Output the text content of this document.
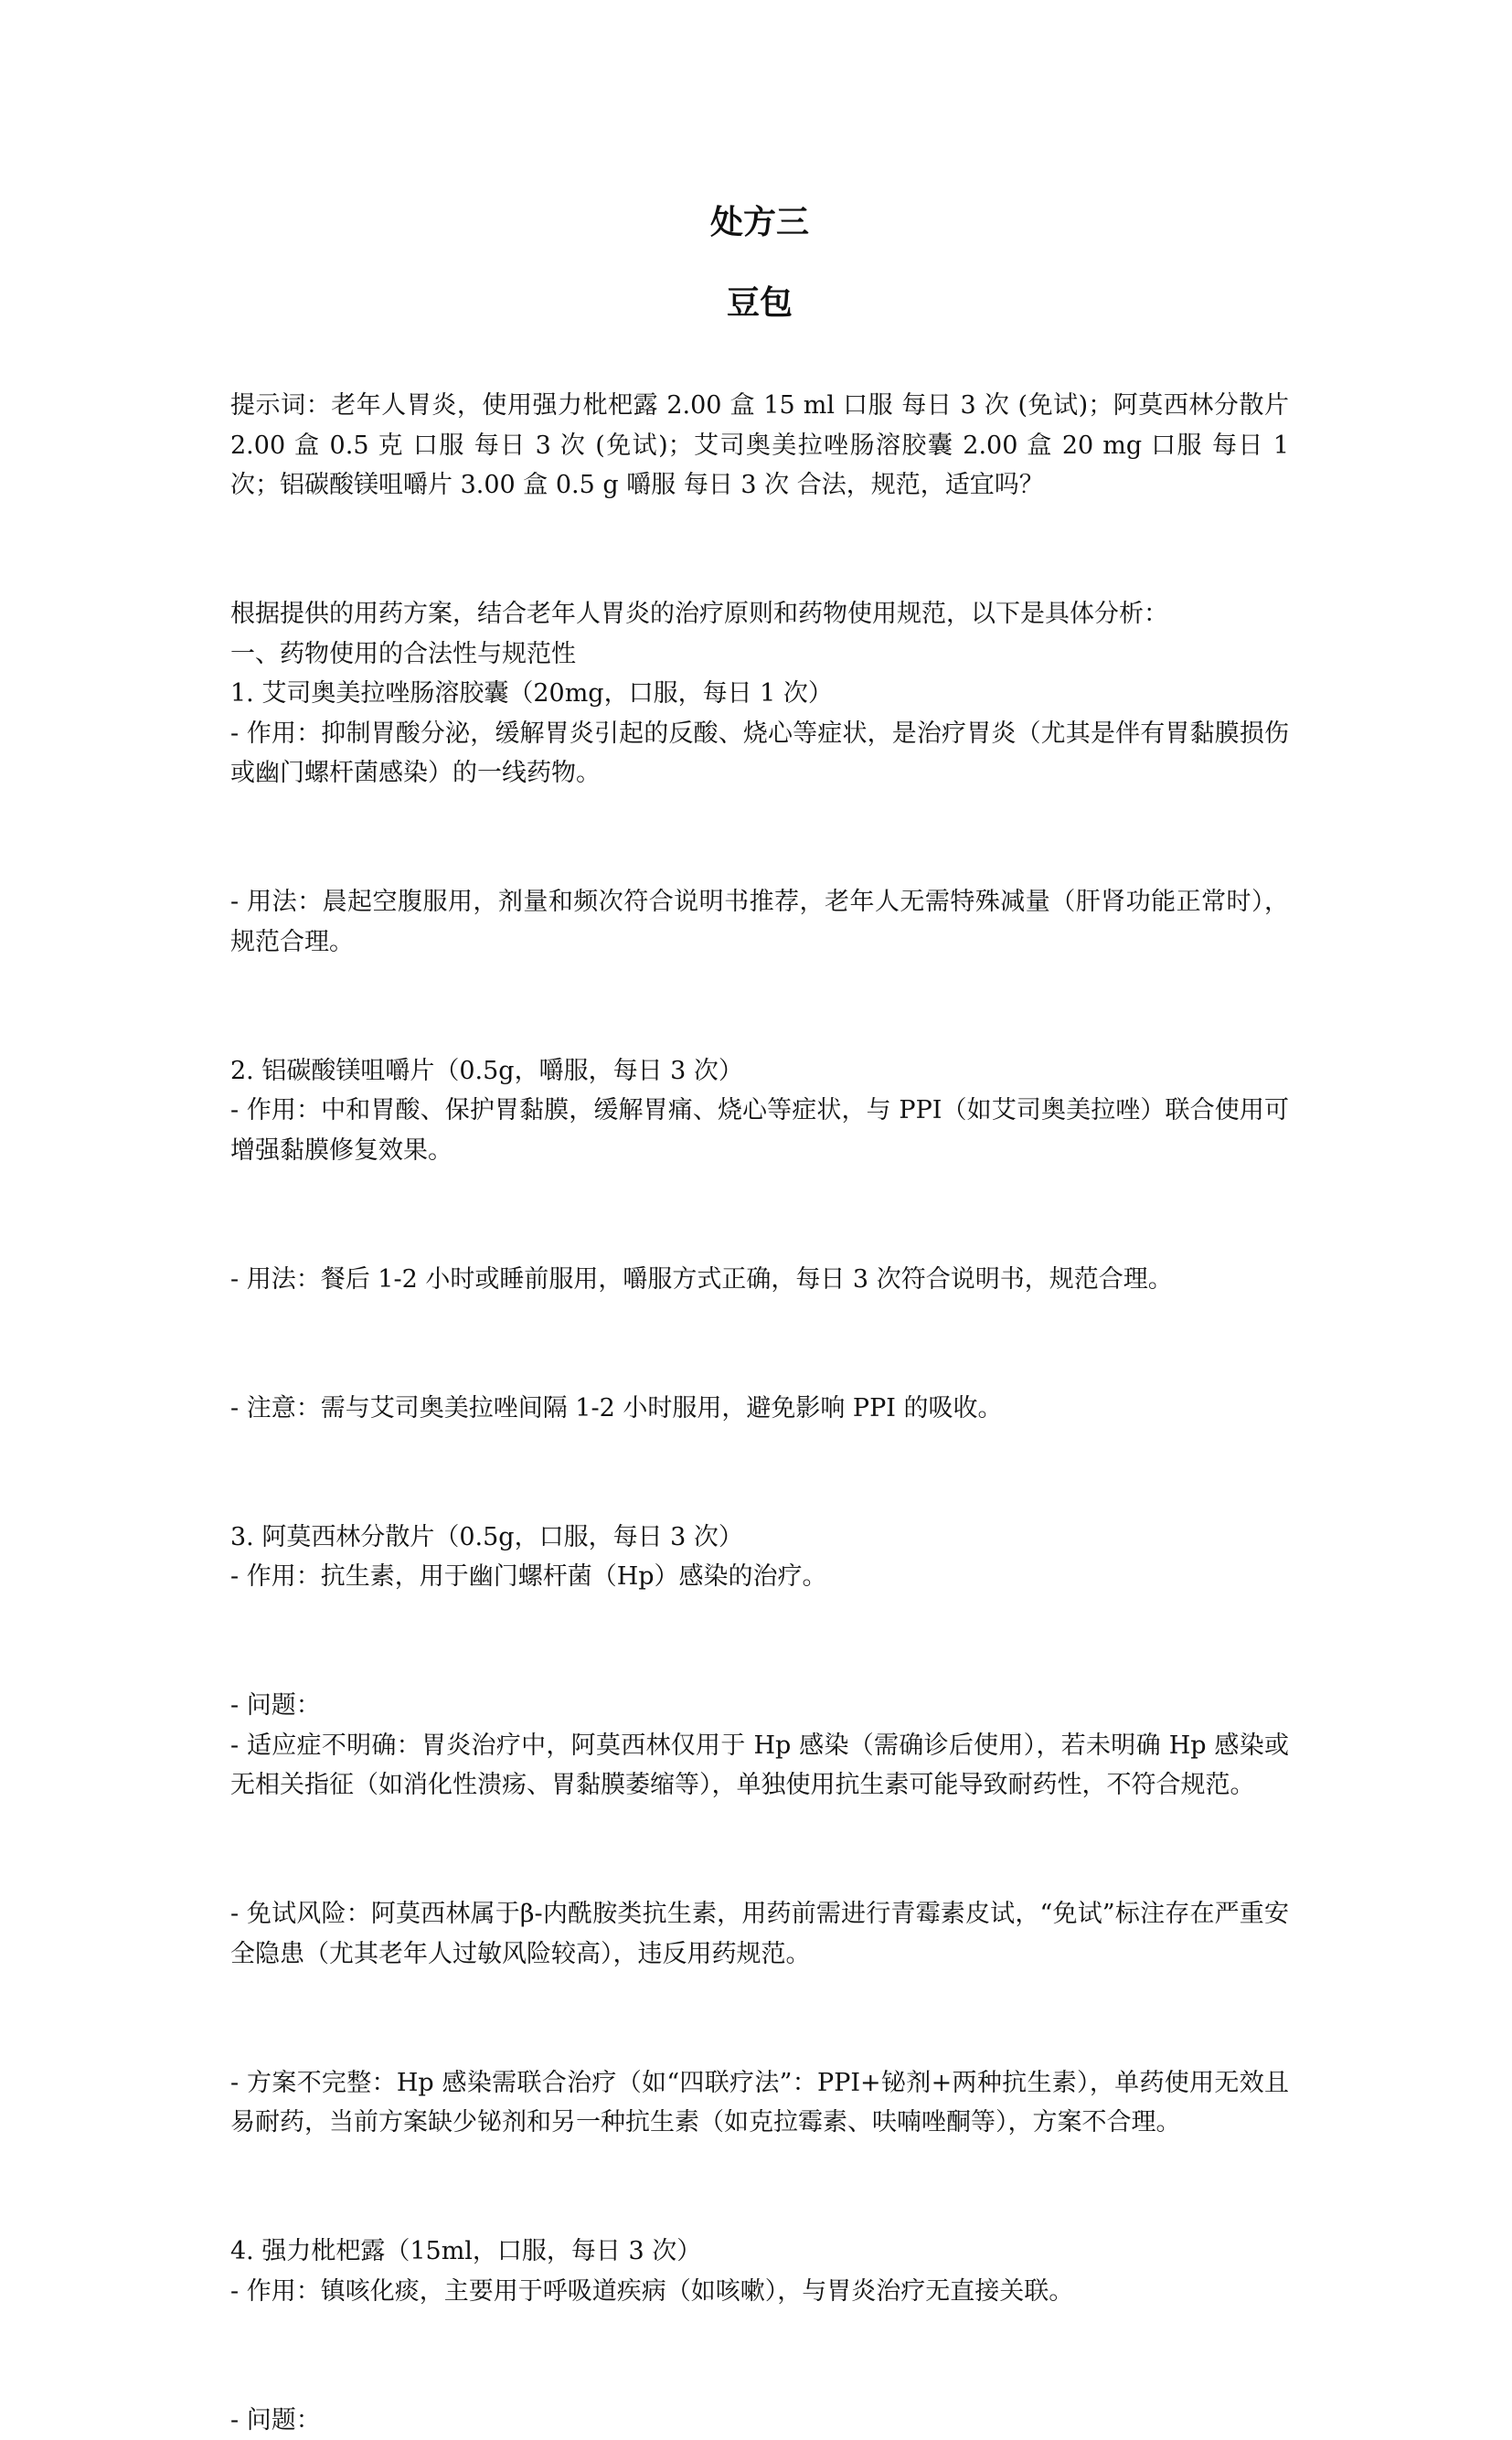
处方三
豆包

提示词：老年人胃炎，使用强力枇杷露 2.00 盒 15 ml 口服 每日 3 次 (免试)；阿莫西林分散片 2.00 盒 0.5 克 口服 每日 3 次 (免试)；艾司奥美拉唑肠溶胶囊 2.00 盒 20 mg 口服 每日 1 次；铝碳酸镁咀嚼片 3.00 盒 0.5 g 嚼服 每日 3 次 合法，规范，适宜吗？

根据提供的用药方案，结合老年人胃炎的治疗原则和药物使用规范，以下是具体分析：

一、药物使用的合法性与规范性

1. 艾司奥美拉唑肠溶胶囊（20mg，口服，每日 1 次）

- 作用：抑制胃酸分泌，缓解胃炎引起的反酸、烧心等症状，是治疗胃炎（尤其是伴有胃黏膜损伤或幽门螺杆菌感染）的一线药物。

- 用法：晨起空腹服用，剂量和频次符合说明书推荐，老年人无需特殊减量（肝肾功能正常时），规范合理。

2. 铝碳酸镁咀嚼片（0.5g，嚼服，每日 3 次）

- 作用：中和胃酸、保护胃黏膜，缓解胃痛、烧心等症状，与 PPI（如艾司奥美拉唑）联合使用可增强黏膜修复效果。

- 用法：餐后 1-2 小时或睡前服用，嚼服方式正确，每日 3 次符合说明书，规范合理。

- 注意：需与艾司奥美拉唑间隔 1-2 小时服用，避免影响 PPI 的吸收。

3. 阿莫西林分散片（0.5g，口服，每日 3 次）

- 作用：抗生素，用于幽门螺杆菌（Hp）感染的治疗。

- 问题：

- 适应症不明确：胃炎治疗中，阿莫西林仅用于 Hp 感染（需确诊后使用），若未明确 Hp 感染或无相关指征（如消化性溃疡、胃黏膜萎缩等），单独使用抗生素可能导致耐药性，不符合规范。

- 免试风险：阿莫西林属于β-内酰胺类抗生素，用药前需进行青霉素皮试，“免试”标注存在严重安全隐患（尤其老年人过敏风险较高），违反用药规范。

- 方案不完整：Hp 感染需联合治疗（如“四联疗法”：PPI+铋剂+两种抗生素），单药使用无效且易耐药，当前方案缺少铋剂和另一种抗生素（如克拉霉素、呋喃唑酮等），方案不合理。

4. 强力枇杷露（15ml，口服，每日 3 次）

- 作用：镇咳化痰，主要用于呼吸道疾病（如咳嗽），与胃炎治疗无直接关联。

- 问题：
